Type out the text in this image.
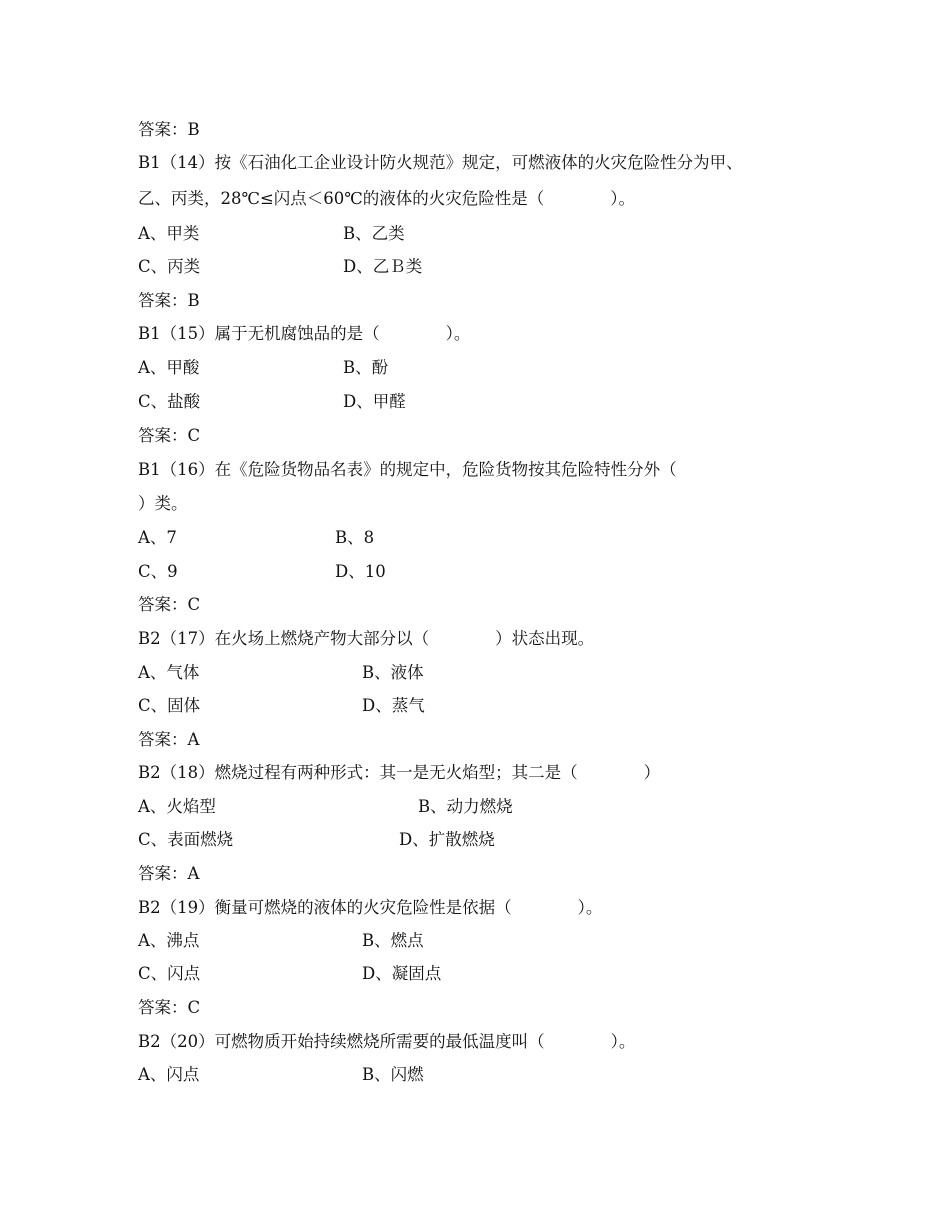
答案：B
B1（14）按《石油化工企业设计防火规范》规定，可燃液体的火灾危险性分为甲、
乙、丙类，28℃≤闪点＜60℃的液体的火灾危险性是（　　　　）。
A、甲类	B、乙类
C、丙类	D、乙Ｂ类
答案：B
B1（15）属于无机腐蚀品的是（　　　　）。
A、甲酸	B、酚
C、盐酸	D、甲醛
答案：C
B1（16）在《危险货物品名表》的规定中，危险货物按其危险特性分外（
）类。
A、7	B、8
C、9	D、10
答案：C
B2（17）在火场上燃烧产物大部分以（　　　　）状态出现。
A、气体	B、液体
C、固体	D、蒸气
答案：A
B2（18）燃烧过程有两种形式：其一是无火焰型；其二是（　　　　）
A、火焰型	B、动力燃烧
C、表面燃烧	D、扩散燃烧
答案：A
B2（19）衡量可燃烧的液体的火灾危险性是依据（　　　　）。
A、沸点	B、燃点
C、闪点	D、凝固点
答案：C
B2（20）可燃物质开始持续燃烧所需要的最低温度叫（　　　　）。
A、闪点	B、闪燃
